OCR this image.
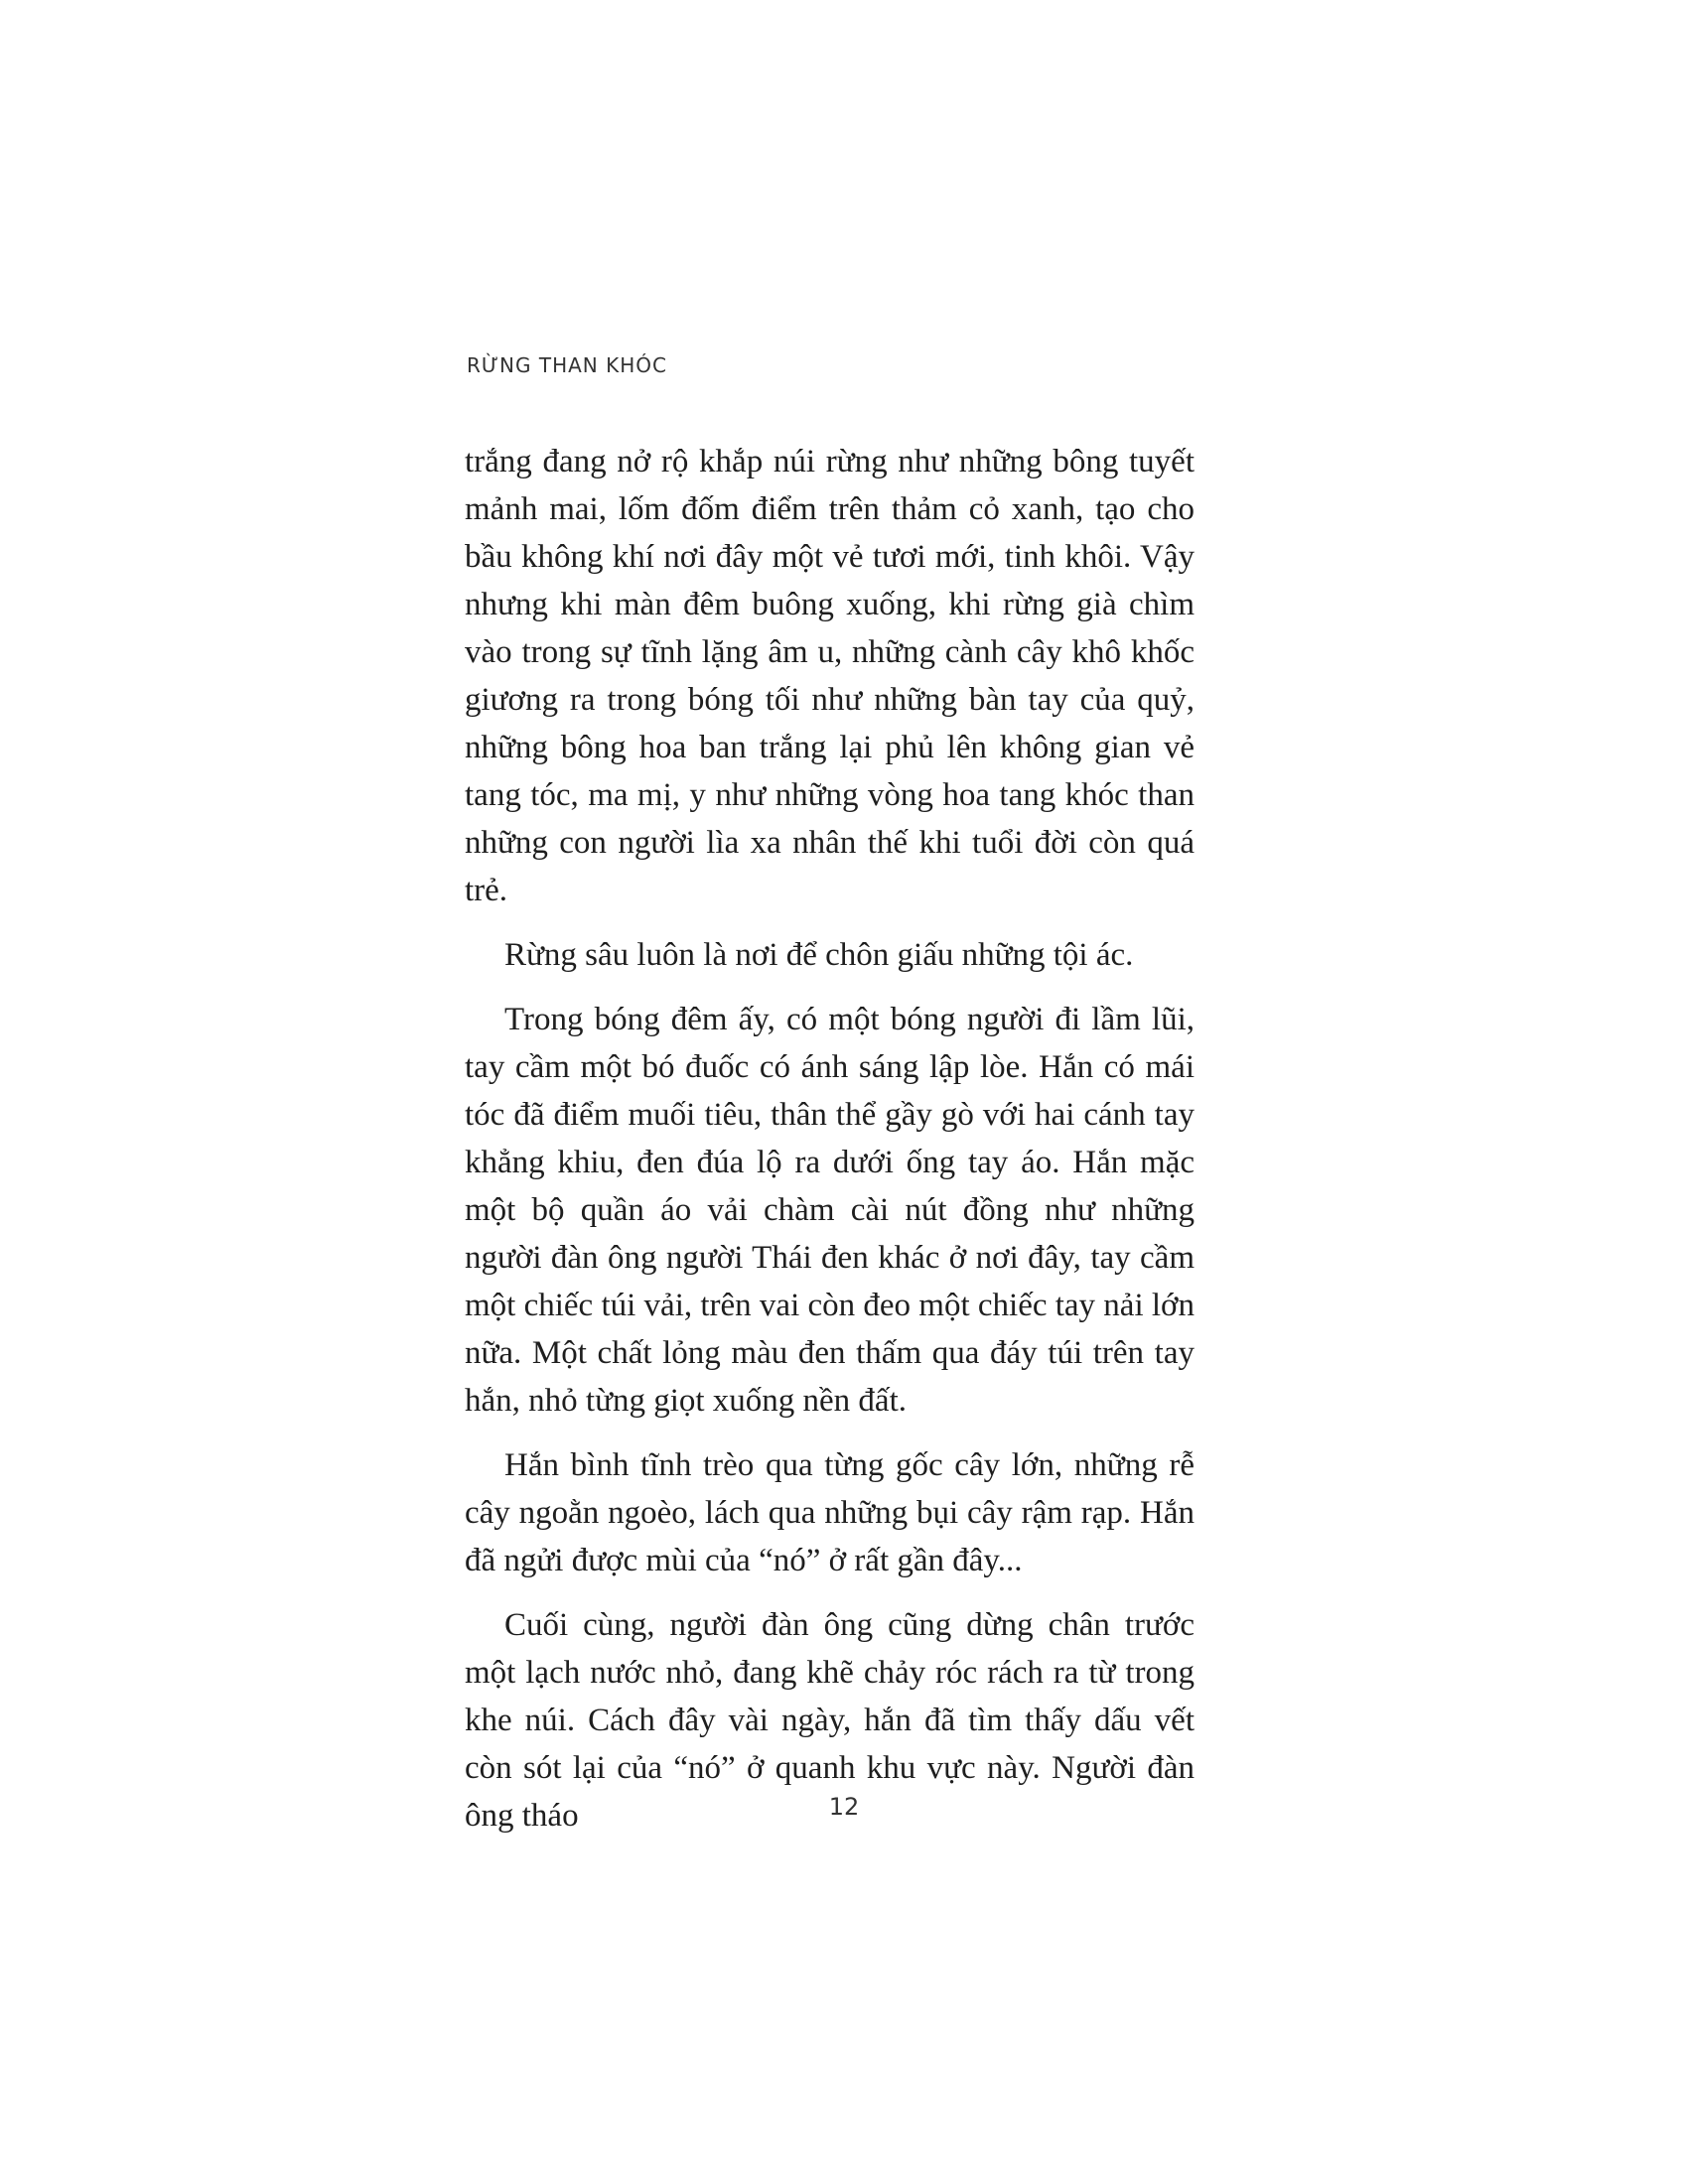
RỪNG THAN KHÓC

trắng đang nở rộ khắp núi rừng như những bông tuyết mảnh mai, lốm đốm điểm trên thảm cỏ xanh, tạo cho bầu không khí nơi đây một vẻ tươi mới, tinh khôi. Vậy nhưng khi màn đêm buông xuống, khi rừng già chìm vào trong sự tĩnh lặng âm u, những cành cây khô khốc giương ra trong bóng tối như những bàn tay của quỷ, những bông hoa ban trắng lại phủ lên không gian vẻ tang tóc, ma mị, y như những vòng hoa tang khóc than những con người lìa xa nhân thế khi tuổi đời còn quá trẻ.

Rừng sâu luôn là nơi để chôn giấu những tội ác.

Trong bóng đêm ấy, có một bóng người đi lầm lũi, tay cầm một bó đuốc có ánh sáng lập lòe. Hắn có mái tóc đã điểm muối tiêu, thân thể gầy gò với hai cánh tay khẳng khiu, đen đúa lộ ra dưới ống tay áo. Hắn mặc một bộ quần áo vải chàm cài nút đồng như những người đàn ông người Thái đen khác ở nơi đây, tay cầm một chiếc túi vải, trên vai còn đeo một chiếc tay nải lớn nữa. Một chất lỏng màu đen thấm qua đáy túi trên tay hắn, nhỏ từng giọt xuống nền đất.

Hắn bình tĩnh trèo qua từng gốc cây lớn, những rễ cây ngoằn ngoèo, lách qua những bụi cây rậm rạp. Hắn đã ngửi được mùi của “nó” ở rất gần đây...

Cuối cùng, người đàn ông cũng dừng chân trước một lạch nước nhỏ, đang khẽ chảy róc rách ra từ trong khe núi. Cách đây vài ngày, hắn đã tìm thấy dấu vết còn sót lại của “nó” ở quanh khu vực này. Người đàn ông tháo	12
